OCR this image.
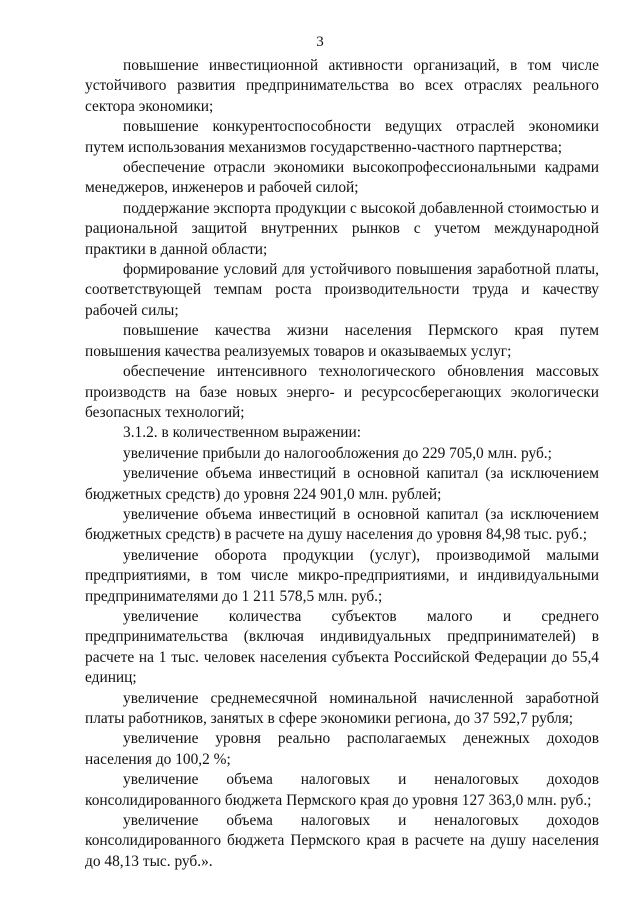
3

повышение инвестиционной активности организаций, в том числе устойчивого развития предпринимательства во всех отраслях реального сектора экономики;

повышение конкурентоспособности ведущих отраслей экономики путем использования механизмов государственно-частного партнерства;

обеспечение отрасли экономики высокопрофессиональными кадрами менеджеров, инженеров и рабочей силой;

поддержание экспорта продукции с высокой добавленной стоимостью и рациональной защитой внутренних рынков с учетом международной практики в данной области;

формирование условий для устойчивого повышения заработной платы, соответствующей темпам роста производительности труда и качеству рабочей силы;

повышение качества жизни населения Пермского края путем повышения качества реализуемых товаров и оказываемых услуг;

обеспечение интенсивного технологического обновления массовых производств на базе новых энерго- и ресурсосберегающих экологически безопасных технологий;

3.1.2. в количественном выражении:

увеличение прибыли до налогообложения до 229 705,0 млн. руб.;

увеличение объема инвестиций в основной капитал (за исключением бюджетных средств) до уровня 224 901,0 млн. рублей;

увеличение объема инвестиций в основной капитал (за исключением бюджетных средств) в расчете на душу населения до уровня 84,98 тыс. руб.;

увеличение оборота продукции (услуг), производимой малыми предприятиями, в том числе микро-предприятиями, и индивидуальными предпринимателями до 1 211 578,5 млн. руб.;

увеличение количества субъектов малого и среднего предпринимательства (включая индивидуальных предпринимателей) в расчете на 1 тыс. человек населения субъекта Российской Федерации до 55,4 единиц;

увеличение среднемесячной номинальной начисленной заработной платы работников, занятых в сфере экономики региона, до 37 592,7 рубля;

увеличение уровня реально располагаемых денежных доходов населения до 100,2 %;

увеличение объема налоговых и неналоговых доходов консолидированного бюджета Пермского края до уровня 127 363,0 млн. руб.;

увеличение объема налоговых и неналоговых доходов консолидированного бюджета Пермского края в расчете на душу населения до 48,13 тыс. руб.».
